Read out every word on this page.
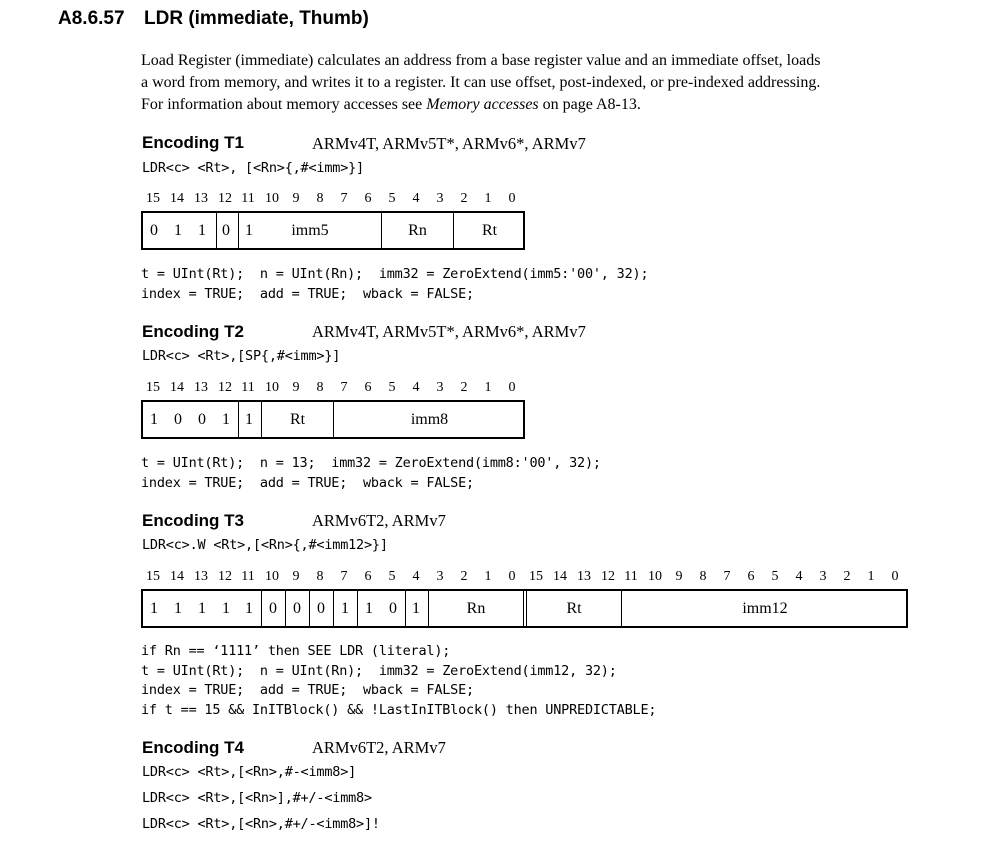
A8.6.57 LDR (immediate, Thumb)
Load Register (immediate) calculates an address from a base register value and an immediate offset, loads
a word from memory, and writes it to a register. It can use offset, post-indexed, or pre-indexed addressing.
For information about memory accesses see Memory accesses on page A8-13.
Encoding T1	ARMv4T, ARMv5T*, ARMv6*, ARMv7
LDR<c> <Rt>, [<Rn>{,#<imm>}]
15 14 13 12 11 10 9 8 7 6 5 4 3 2 1 0
0 1 1 0 1	imm5	Rn	Rt
t = UInt(Rt);  n = UInt(Rn);  imm32 = ZeroExtend(imm5:'00', 32);
index = TRUE;  add = TRUE;  wback = FALSE;
Encoding T2	ARMv4T, ARMv5T*, ARMv6*, ARMv7
LDR<c> <Rt>,[SP{,#<imm>}]
15 14 13 12 11 10 9 8 7 6 5 4 3 2 1 0
1 0 0 1 1	Rt	imm8
t = UInt(Rt);  n = 13;  imm32 = ZeroExtend(imm8:'00', 32);
index = TRUE;  add = TRUE;  wback = FALSE;
Encoding T3	ARMv6T2, ARMv7
LDR<c>.W <Rt>,[<Rn>{,#<imm12>}]
15 14 13 12 11 10 9 8 7 6 5 4 3 2 1 0 15 14 13 12 11 10 9 8 7 6 5 4 3 2 1 0
1 1 1 1 1 0 0 0 1 1 0 1	Rn	Rt	imm12
if Rn == ‘1111’ then SEE LDR (literal);
t = UInt(Rt);  n = UInt(Rn);  imm32 = ZeroExtend(imm12, 32);
index = TRUE;  add = TRUE;  wback = FALSE;
if t == 15 && InITBlock() && !LastInITBlock() then UNPREDICTABLE;
Encoding T4	ARMv6T2, ARMv7
LDR<c> <Rt>,[<Rn>,#-<imm8>]
LDR<c> <Rt>,[<Rn>],#+/-<imm8>
LDR<c> <Rt>,[<Rn>,#+/-<imm8>]!
